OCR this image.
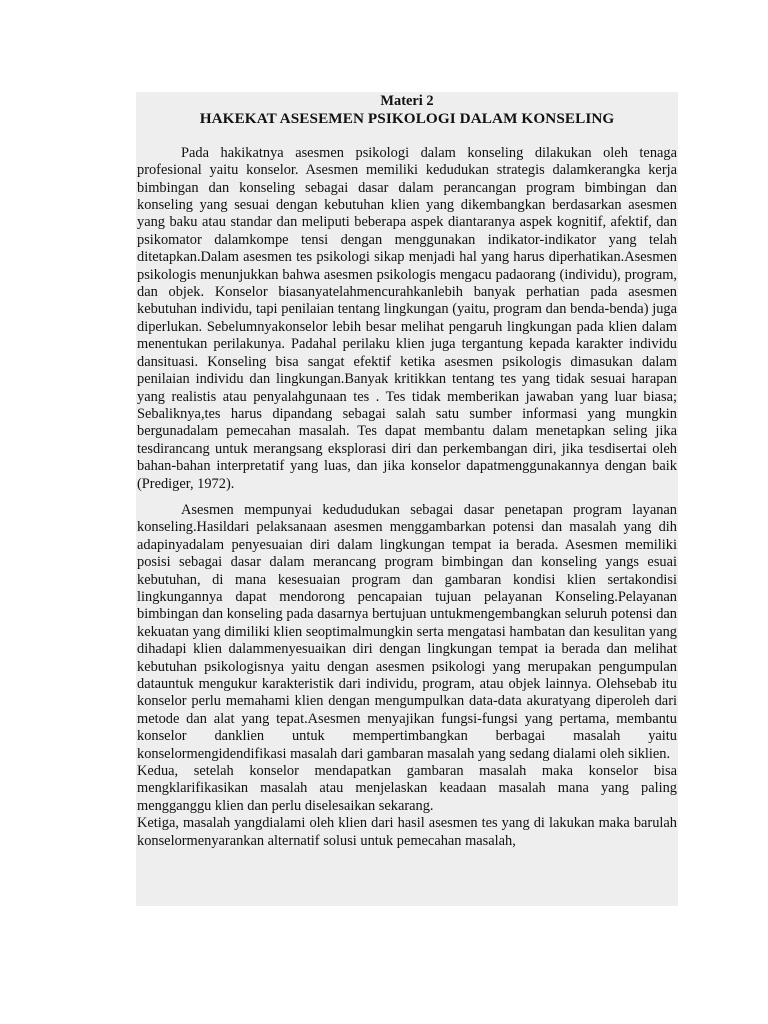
Materi 2
HAKEKAT ASESEMEN PSIKOLOGI DALAM KONSELING

Pada hakikatnya asesmen psikologi dalam konseling dilakukan oleh tenaga profesional yaitu konselor. Asesmen memiliki kedudukan strategis dalamkerangka kerja bimbingan dan konseling sebagai dasar dalam perancangan program bimbingan dan konseling yang sesuai dengan kebutuhan klien yang dikembangkan berdasarkan asesmen yang baku atau standar dan meliputi beberapa aspek diantaranya aspek kognitif, afektif, dan psikomator dalamkompe tensi dengan menggunakan indikator-indikator yang telah ditetapkan.Dalam asesmen tes psikologi sikap menjadi hal yang harus diperhatikan.Asesmen psikologis menunjukkan bahwa asesmen psikologis mengacu padaorang (individu), program, dan objek. Konselor biasanyatelahmencurahkanlebih banyak perhatian pada asesmen kebutuhan individu, tapi penilaian tentang lingkungan (yaitu, program dan benda-benda) juga diperlukan. Sebelumnyakonselor lebih besar melihat pengaruh lingkungan pada klien dalam menentukan perilakunya. Padahal perilaku klien juga tergantung kepada karakter individu dansituasi. Konseling bisa sangat efektif ketika asesmen psikologis dimasukan dalam penilaian individu dan lingkungan.Banyak kritikkan tentang tes yang tidak sesuai harapan yang realistis atau penyalahgunaan tes . Tes tidak memberikan jawaban yang luar biasa; Sebaliknya,tes harus dipandang sebagai salah satu sumber informasi yang mungkin bergunadalam pemecahan masalah. Tes dapat membantu dalam menetapkan seling jika tesdirancang untuk merangsang eksplorasi diri dan perkembangan diri, jika tesdisertai oleh bahan-bahan interpretatif yang luas, dan jika konselor dapatmenggunakannya dengan baik (Prediger, 1972).

Asesmen mempunyai kedududukan sebagai dasar penetapan program layanan konseling.Hasildari pelaksanaan asesmen menggambarkan potensi dan masalah yang dih adapinyadalam penyesuaian diri dalam lingkungan tempat ia berada. Asesmen memiliki posisi sebagai dasar dalam merancang program bimbingan dan konseling yangs esuai kebutuhan, di mana kesesuaian program dan gambaran kondisi klien sertakondisi lingkungannya dapat mendorong pencapaian tujuan pelayanan Konseling.Pelayanan bimbingan dan konseling pada dasarnya bertujuan untukmengembangkan seluruh potensi dan kekuatan yang dimiliki klien seoptimalmungkin serta mengatasi hambatan dan kesulitan yang dihadapi klien dalammenyesuaikan diri dengan lingkungan tempat ia berada dan melihat kebutuhan psikologisnya yaitu dengan asesmen psikologi yang merupakan pengumpulan datauntuk mengukur karakteristik dari individu, program, atau objek lainnya. Olehsebab itu konselor perlu memahami klien dengan mengumpulkan data-data akuratyang diperoleh dari metode dan alat yang tepat.Asesmen menyajikan fungsi-fungsi yang pertama, membantu konselor danklien untuk mempertimbangkan berbagai masalah yaitu konselormengidendifikasi masalah dari gambaran masalah yang sedang dialami oleh siklien.

Kedua, setelah konselor mendapatkan gambaran masalah maka konselor bisa mengklarifikasikan masalah atau menjelaskan keadaan masalah mana yang paling mengganggu klien dan perlu diselesaikan sekarang.

Ketiga, masalah yangdialami oleh klien dari hasil asesmen tes yang di lakukan maka barulah konselormenyarankan alternatif solusi untuk pemecahan masalah,
